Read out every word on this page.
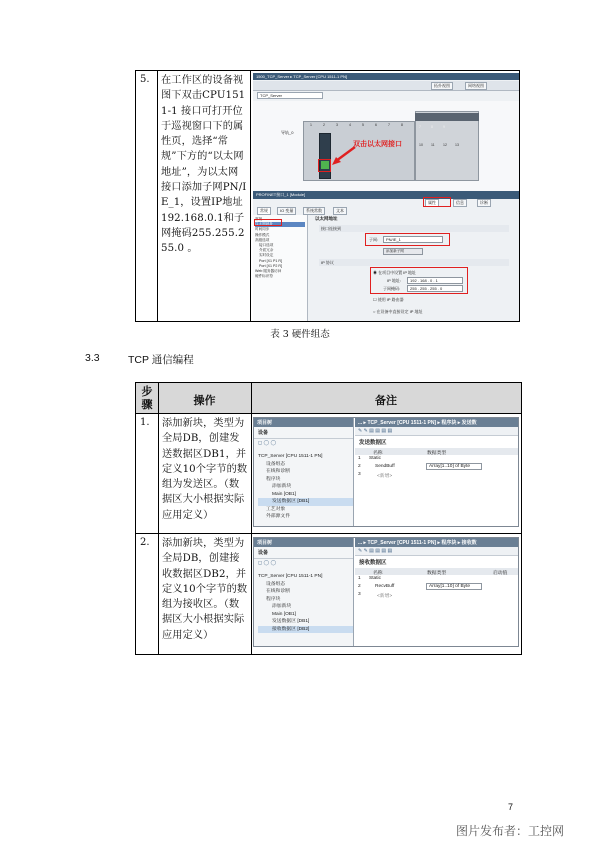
5.	在工作区的设备视图下双击CPU1511-1 接口可打开位于巡视窗口下的属性页，选择“常规”下方的“以太网地址”，为以太网接口添加子网PN/IE_1，设置IP地址192.168.0.1和子网掩码255.255.255.0 。
1500_TCP_Server ▸ TCP_Server [CPU 1511-1 PN]
拓扑视图	网络视图
TCP_Server
导轨_0
1	2	3	4	5	6	7	8	7	8	9
10 11 12 13
双击以太网接口
PROFINET接口_1 [Module]
属性	信息	诊断
常规	IO 变量	系统常数	文本
常规
以太网地址
时间同步
操作模式
高级选项
接口选项
介质冗余
实时设定
Port [X1 P1 R]
Port [X1 P2 R]
Web 服务器访问
硬件标识符
以太网地址
接口连接到
子网:	PN/IE_1
添加新子网
IP 协议
◉ 在项目中设置 IP 地址
IP 地址:	192 . 168 . 0 . 1
子网掩码:	255 . 255 . 255 . 0
☐ 使用 IP 路由器
○ 在设备中直接设定 IP 地址
表 3 硬件组态
3.3	TCP 通信编程
步
骤	操作	备注
1. 添加新块，类型为全局DB，创建发送数据区DB1，并定义10个字节的数组为发送区。（数据区大小根据实际应用定义）
项目树
设备
◻ ◯ ◯
TCP_Server [CPU 1511-1 PN]
设备组态
在线和诊断
程序块
添加新块
Main [OB1]
发送数据区 [DB1]
工艺对象
外部源文件
... ▸ TCP_Server [CPU 1511-1 PN] ▸ 程序块 ▸ 发送数
✎ ✎ ▤ ▤ ▤ ▤
发送数据区
名称	数据类型
1 Static
2	SendBuff	Array[1..10] of Byte
3	<新增>
2. 添加新块，类型为全局DB，创建接收数据区DB2，并定义10个字节的数组为接收区。（数据区大小根据实际应用定义）
项目树
设备
◻ ◯ ◯
TCP_Server [CPU 1511-1 PN]
设备组态
在线和诊断
程序块
添加新块
Main [OB1]
发送数据区 [DB1]
接收数据区 [DB2]
... ▸ TCP_Server [CPU 1511-1 PN] ▸ 程序块 ▸ 接收数
✎ ✎ ▤ ▤ ▤ ▤
接收数据区
名称	数据类型	启动值
1 Static
2	RecvBuff	Array[1..10] of Byte
3	<新增>
7
图片发布者：工控网
